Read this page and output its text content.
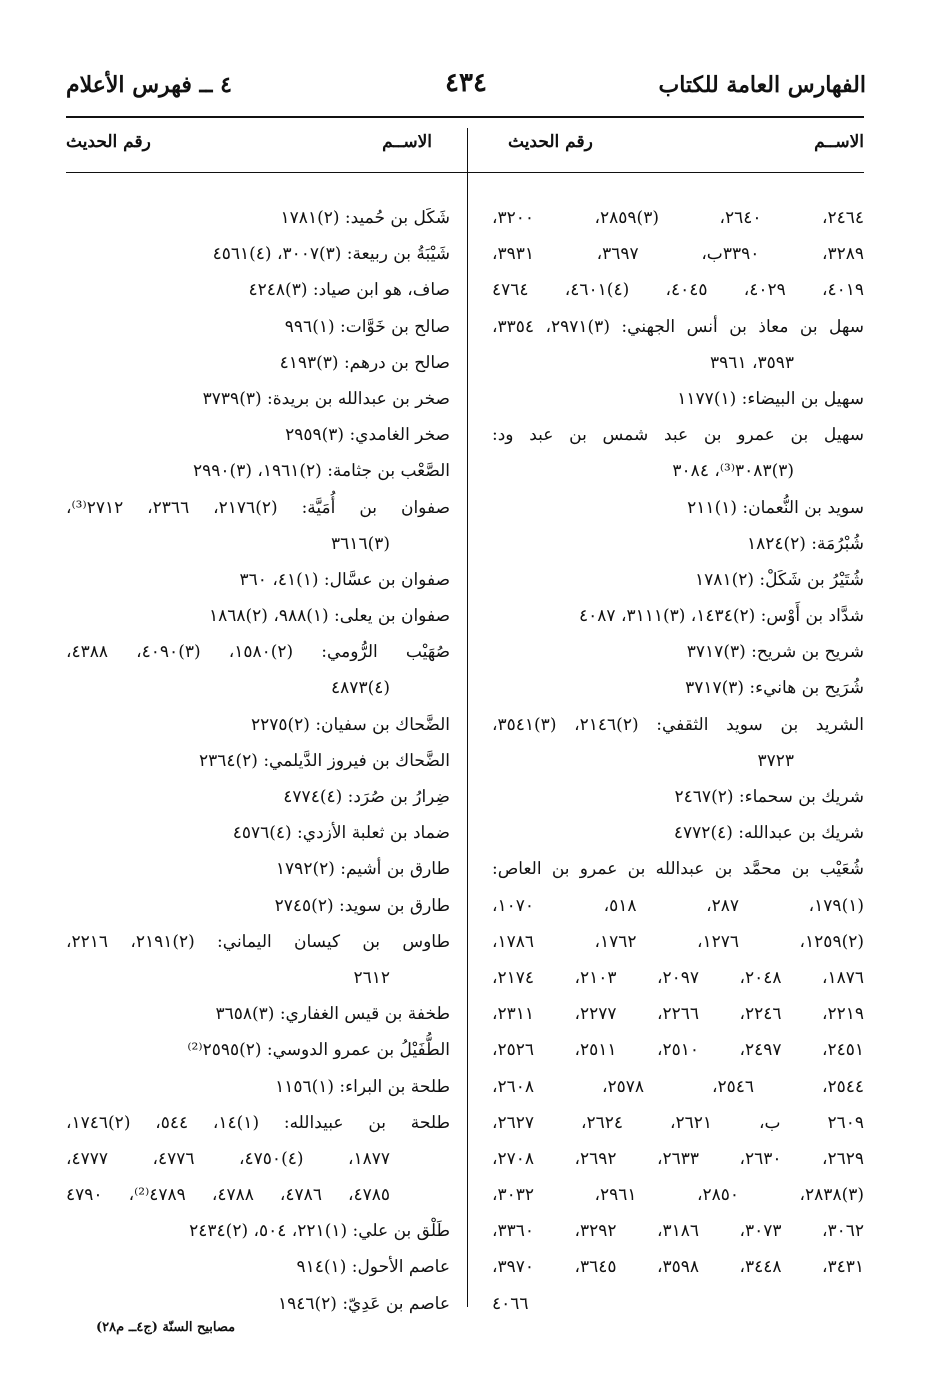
الفهارس العامة للكتاب
٤٣٤
٤ ــ فهرس الأعلام
الاســم
رقم الحديث
الاســم
رقم الحديث

٢٤٦٤، ٢٦٤٠، (٣)٢٨٥٩، ٣٢٠٠،

٣٢٨٩، ٣٣٩٠ب، ٣٦٩٧، ٣٩٣١،

٤٠١٩، ٤٠٢٩، ٤٠٤٥، (٤)٤٦٠١، ٤٧٦٤

سهل بن معاذ بن أنس الجهني: (٣)٢٩٧١، ٣٣٥٤،

٣٥٩٣، ٣٩٦١

سهيل بن البيضاء: (١)١١٧٧

سهيل بن عمرو بن عبد شمس بن عبد ود:

(٣)٣٠٨٣⁽³⁾، ٣٠٨٤

سويد بن النُّعمان: (١)٢١١

شُبْرُمَة: (٢)١٨٢٤

شُتَيْرُ بن شَكَلْ: (٢)١٧٨١

شدَّاد بن أَوْس: (٢)١٤٣٤، (٣)٣١١١، ٤٠٨٧

شريح بن شريح: (٣)٣٧١٧

شُرَيح بن هانيء: (٣)٣٧١٧

الشريد بن سويد الثقفي: (٢)٢١٤٦، (٣)٣٥٤١،

٣٧٢٣

شريك بن سحماء: (٢)٢٤٦٧

شريك بن عبدالله: (٤)٤٧٧٢

شُعَيْب بن محمَّد بن عبدالله بن عمرو بن العاص:

(١)١٧٩، ٢٨٧، ٥١٨، ١٠٧٠،

(٢)١٢٥٩، ١٢٧٦، ١٧٦٢، ١٧٨٦،

١٨٧٦، ٢٠٤٨، ٢٠٩٧، ٢١٠٣، ٢١٧٤،

٢٢١٩، ٢٢٤٦، ٢٢٦٦، ٢٢٧٧، ٢٣١١،

٢٤٥١، ٢٤٩٧، ٢٥١٠، ٢٥١١، ٢٥٢٦،

٢٥٤٤، ٢٥٤٦، ٢٥٧٨، ٢٦٠٨،

٢٦٠٩ ب، ٢٦٢١، ٢٦٢٤، ٢٦٢٧،

٢٦٢٩، ٢٦٣٠، ٢٦٣٣، ٢٦٩٢، ٢٧٠٨،

(٣)٢٨٣٨، ٢٨٥٠، ٢٩٦١، ٣٠٣٢،

٣٠٦٢، ٣٠٧٣، ٣١٨٦، ٣٢٩٢، ٣٣٦٠،

٣٤٣١، ٣٤٤٨، ٣٥٩٨، ٣٦٤٥، ٣٩٧٠،

٤٠٦٦

شَكَل بن حُميد: (٢)١٧٨١

شَيْبَةُ بن ربيعة: (٣)٣٠٠٧، (٤)٤٥٦١

صاف، هو ابن صياد: (٣)٤٢٤٨

صالح بن خَوَّات: (١)٩٩٦

صالح بن درهم: (٣)٤١٩٣

صخر بن عبدالله بن بريدة: (٣)٣٧٣٩

صخر الغامدي: (٣)٢٩٥٩

الصَّعْب بن جثامة: (٢)١٩٦١، (٣)٢٩٩٠

صفوان بن أُمَيَّة: (٢)٢١٧٦، ٢٣٦٦، ٢٧١٢⁽³⁾،

(٣)٣٦١٦

صفوان بن عسَّال: (١)٤١، ٣٦٠

صفوان بن يعلى: (١)٩٨٨، (٢)١٨٦٨

صُهَيْب الرُّومي: (٢)١٥٨٠، (٣)٤٠٩٠، ٤٣٨٨،

(٤)٤٨٧٣

الضَّحاك بن سفيان: (٢)٢٢٧٥

الضَّحاك بن فيروز الدَّيلمي: (٢)٢٣٦٤

ضِرارُ بن صُرَد: (٤)٤٧٧٤

ضماد بن ثعلبة الأزدي: (٤)٤٥٧٦

طارق بن أشيم: (٢)١٧٩٢

طارق بن سويد: (٢)٢٧٤٥

طاوس بن كيسان اليماني: (٢)٢١٩١، ٢٢١٦،

٢٦١٢

طخفة بن قيس الغفاري: (٣)٣٦٥٨

الطُّفَيْلُ بن عمرو الدوسي: (٢)٢٥٩٥⁽²⁾

طلحة بن البراء: (١)١١٥٦

طلحة بن عبيدالله: (١)١٤، ٥٤٤، (٢)١٧٤٦،

١٨٧٧، (٤)٤٧٥٠، ٤٧٧٦، ٤٧٧٧،

٤٧٨٥، ٤٧٨٦، ٤٧٨٨، ٤٧٨٩⁽²⁾، ٤٧٩٠

طَلْق بن علي: (١)٢٢١، ٥٠٤، (٢)٢٤٣٤

عاصم الأحول: (١)٩١٤

عاصم بن عَدِيّ: (٢)١٩٤٦

مصابيح السنّة (ج٤ــ م٢٨)
